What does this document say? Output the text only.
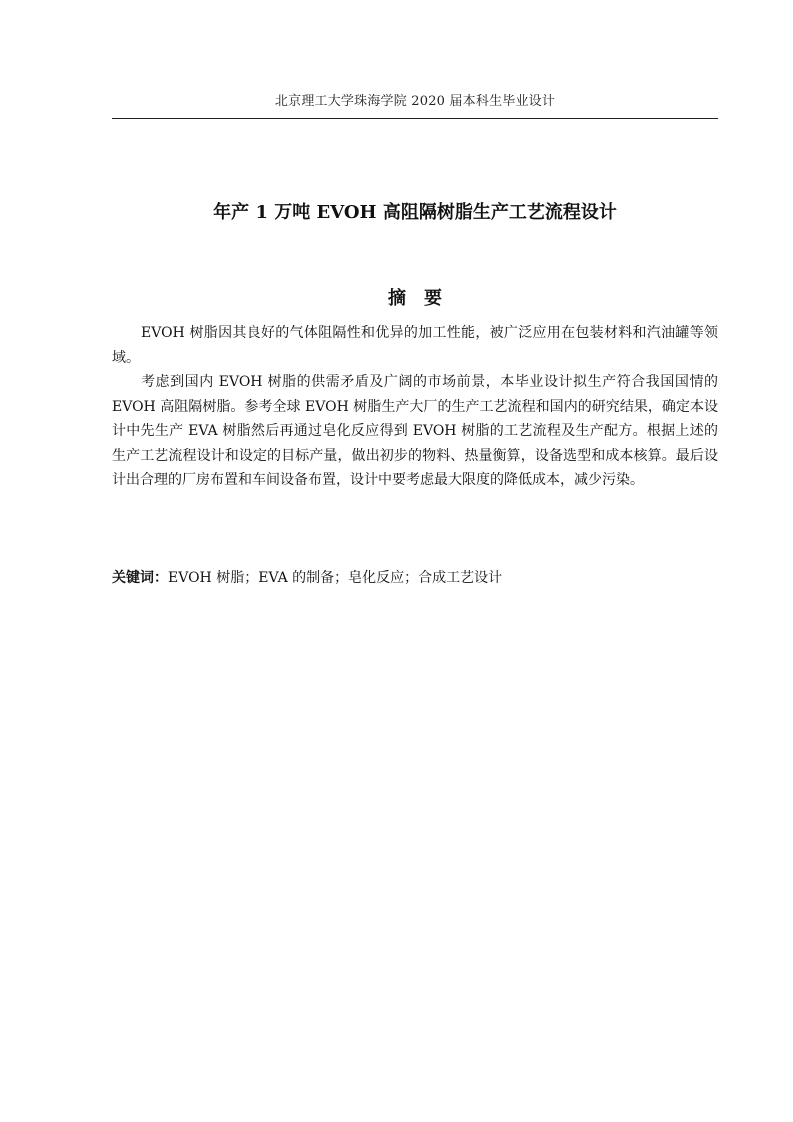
北京理工大学珠海学院 2020 届本科生毕业设计
年产 1 万吨 EVOH 高阻隔树脂生产工艺流程设计
摘要

EVOH 树脂因其良好的气体阻隔性和优异的加工性能，被广泛应用在包装材料和汽油罐等领域。

考虑到国内 EVOH 树脂的供需矛盾及广阔的市场前景，本毕业设计拟生产符合我国国情的 EVOH 高阻隔树脂。参考全球 EVOH 树脂生产大厂的生产工艺流程和国内的研究结果，确定本设计中先生产 EVA 树脂然后再通过皂化反应得到 EVOH 树脂的工艺流程及生产配方。根据上述的生产工艺流程设计和设定的目标产量，做出初步的物料、热量衡算，设备选型和成本核算。最后设计出合理的厂房布置和车间设备布置，设计中要考虑最大限度的降低成本，减少污染。

关键词：EVOH 树脂；EVA 的制备；皂化反应；合成工艺设计
